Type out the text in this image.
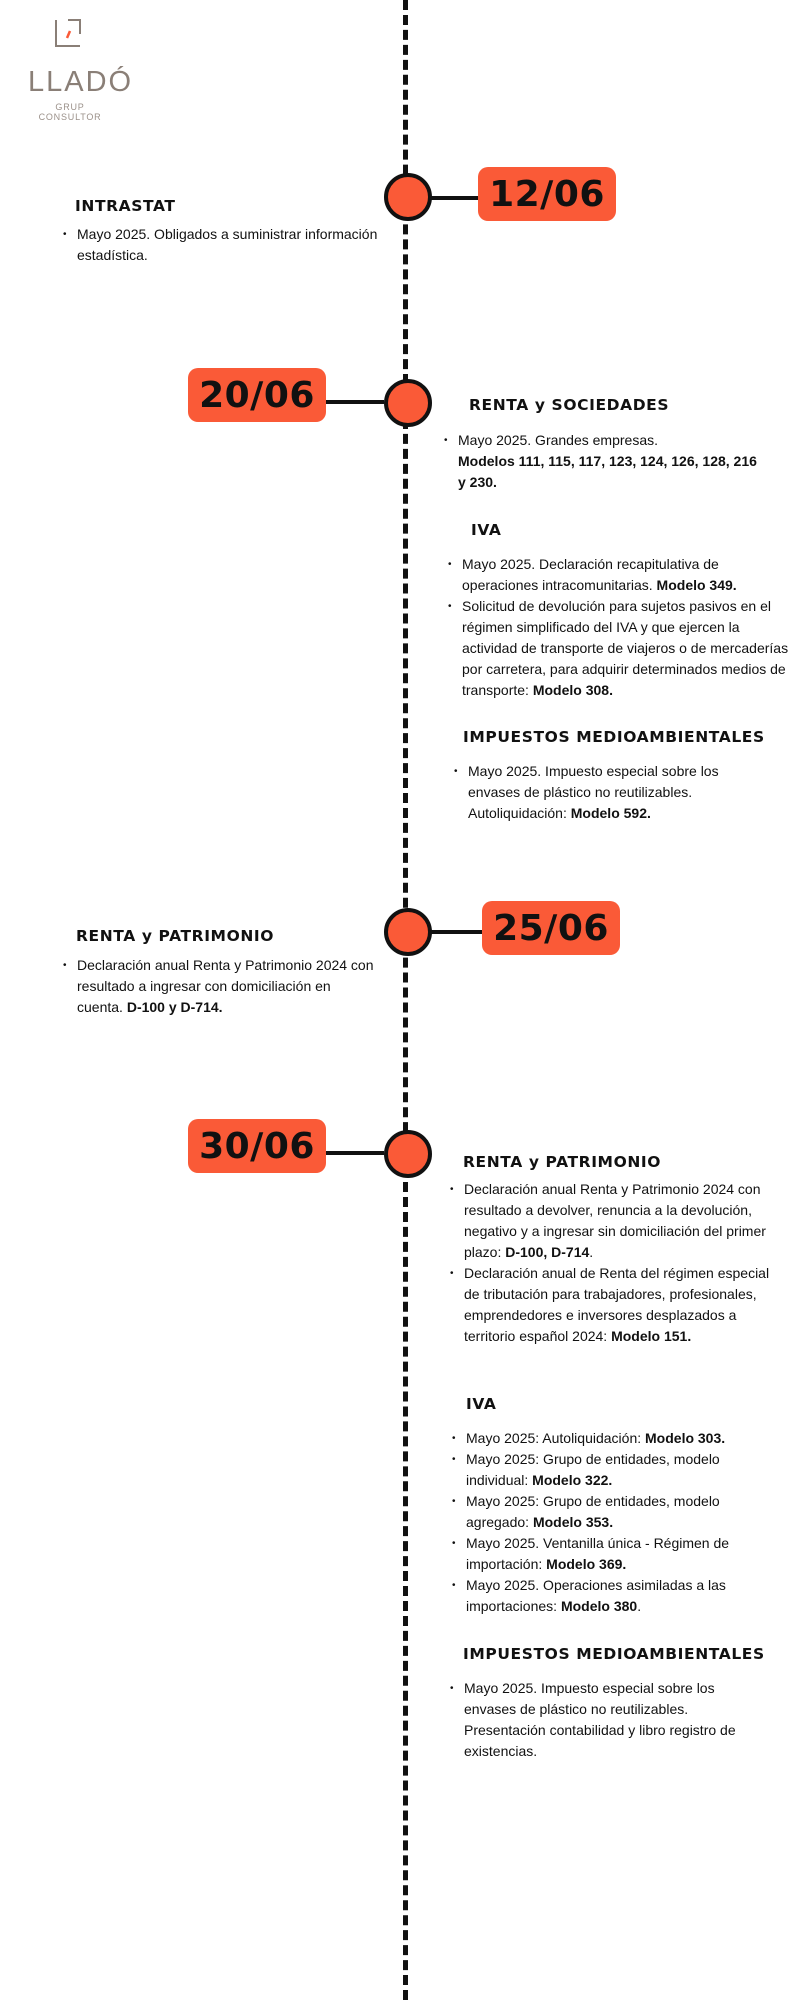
LLADÓ
GRUP CONSULTOR
12/06
INTRASTAT
• Mayo 2025. Obligados a suministrar información estadística.
20/06	RENTA y SOCIEDADES
• Mayo 2025. Grandes empresas.
Modelos 111, 115, 117, 123, 124, 126, 128, 216 y 230.
IVA
• Mayo 2025. Declaración recapitulativa de operaciones intracomunitarias. Modelo 349.
• Solicitud de devolución para sujetos pasivos en el régimen simplificado del IVA y que ejercen la actividad de transporte de viajeros o de mercaderías por carretera, para adquirir determinados medios de transporte: Modelo 308.
IMPUESTOS MEDIOAMBIENTALES
• Mayo 2025. Impuesto especial sobre los envases de plástico no reutilizables. Autoliquidación: Modelo 592.
25/06
RENTA y PATRIMONIO
• Declaración anual Renta y Patrimonio 2024 con resultado a ingresar con domiciliación en cuenta. D-100 y D-714.
30/06	RENTA y PATRIMONIO
• Declaración anual Renta y Patrimonio 2024 con resultado a devolver, renuncia a la devolución, negativo y a ingresar sin domiciliación del primer plazo: D-100, D-714.
• Declaración anual de Renta del régimen especial de tributación para trabajadores, profesionales, emprendedores e inversores desplazados a territorio español 2024: Modelo 151.
IVA
• Mayo 2025: Autoliquidación: Modelo 303.
• Mayo 2025: Grupo de entidades, modelo individual: Modelo 322.
• Mayo 2025: Grupo de entidades, modelo agregado: Modelo 353.
• Mayo 2025. Ventanilla única - Régimen de importación: Modelo 369.
• Mayo 2025. Operaciones asimiladas a las importaciones: Modelo 380.
IMPUESTOS MEDIOAMBIENTALES
• Mayo 2025. Impuesto especial sobre los envases de plástico no reutilizables. Presentación contabilidad y libro registro de existencias.
